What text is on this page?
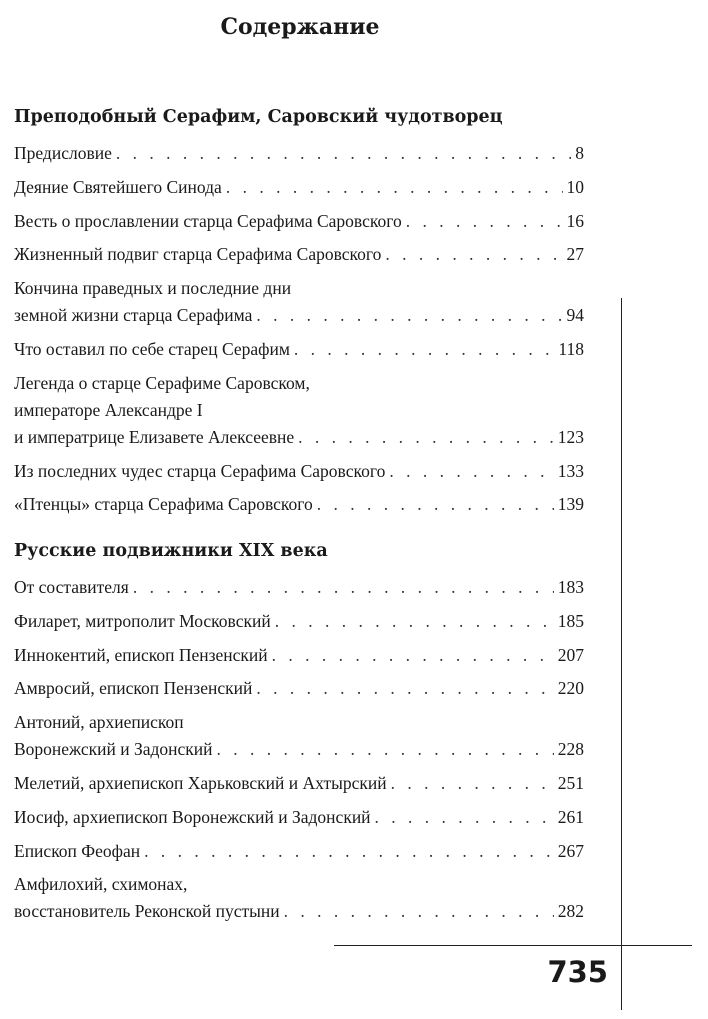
Содержание
Преподобный Серафим, Саровский чудотворец
Предисловие . . .	8
Деяние Святейшего Синода . . .	10
Весть о прославлении старца Серафима Саровского . . .	16
Жизненный подвиг старца Серафима Саровского . . .	27
Кончина праведных и последние дни
земной жизни старца Серафима . . .	94
Что оставил по себе старец Серафим . . .	118
Легенда о старце Серафиме Саровском,
императоре Александре I
и императрице Елизавете Алексеевне . . .	123
Из последних чудес старца Серафима Саровского . . .	133
«Птенцы» старца Серафима Саровского . . .	139
Русские подвижники XIX века
От составителя . . .	183
Филарет, митрополит Московский . . .	185
Иннокентий, епископ Пензенский . . .	207
Амвросий, епископ Пензенский . . .	220
Антоний, архиепископ
Воронежский и Задонский . . .	228
Мелетий, архиепископ Харьковский и Ахтырский . . .	251
Иосиф, архиепископ Воронежский и Задонский . . .	261
Епископ Феофан . . .	267
Амфилохий, схимонах,
восстановитель Реконской пустыни . . .	282
735
